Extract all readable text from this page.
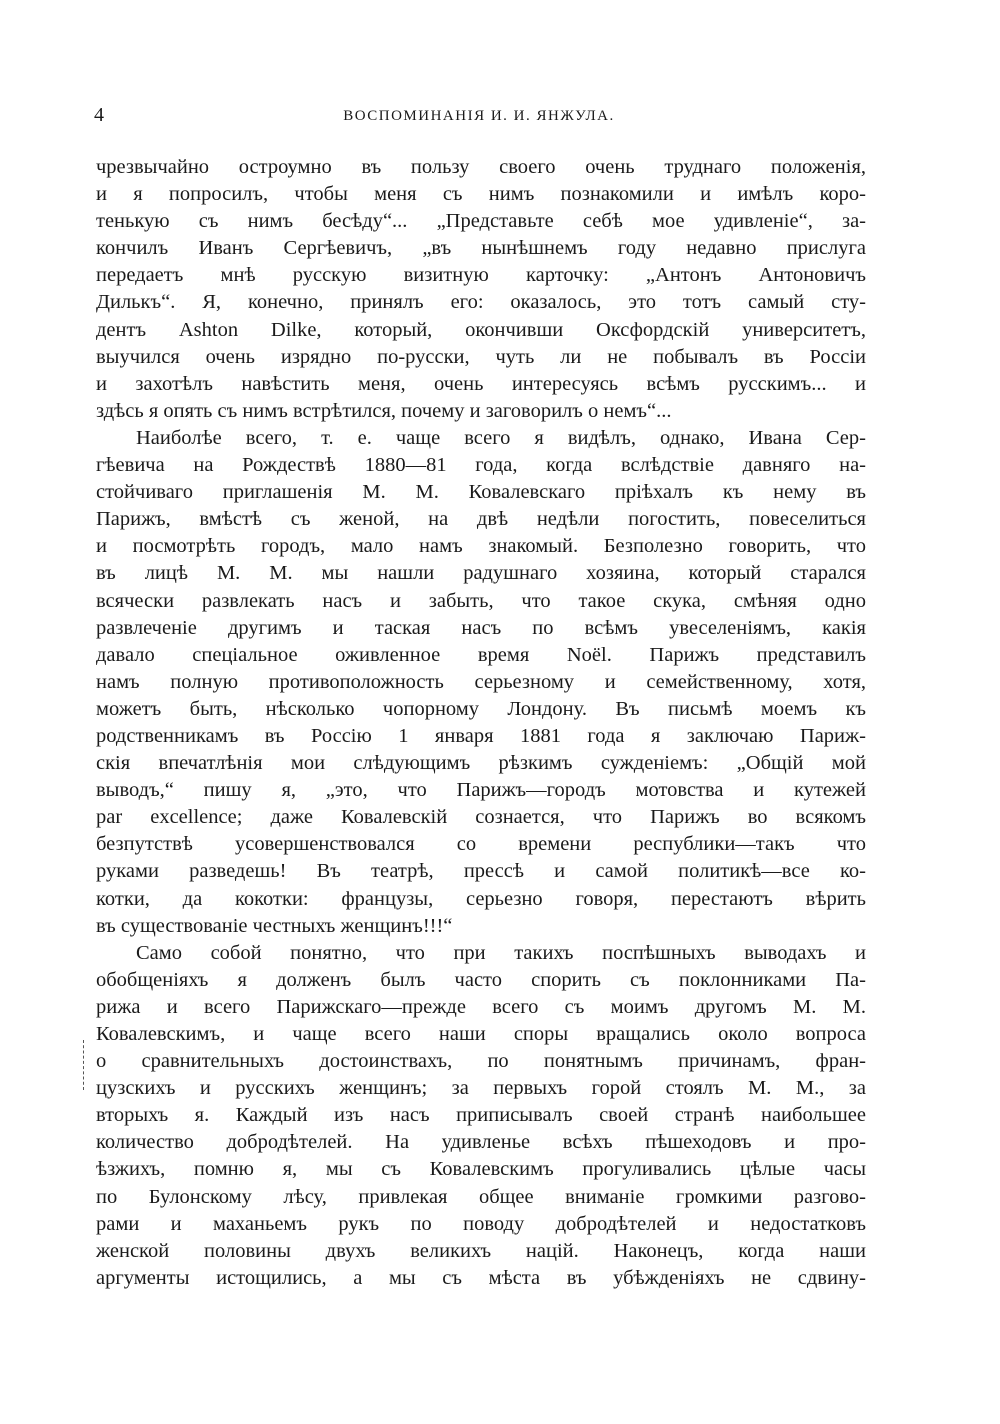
4	ВОСПОМИНАНІЯ И. И. ЯНЖУЛА.
чрезвычайно остроумно въ пользу своего очень труднаго положенія,
и я попросилъ, чтобы меня съ нимъ познакомили и имѣлъ коро-
тенькую съ нимъ бесѣду“... „Представьте себѣ мое удивленіе“, за-
кончилъ Иванъ Сергѣевичъ, „въ нынѣшнемъ году недавно прислуга
передаетъ мнѣ русскую визитную карточку: „Антонъ Антоновичъ
Дилькъ“. Я, конечно, принялъ его: оказалось, это тотъ самый сту-
дентъ Ashton Dilke, который, окончивши Оксфордскій университетъ,
выучился очень изрядно по-русски, чуть ли не побывалъ въ Россіи
и захотѣлъ навѣстить меня, очень интересуясь всѣмъ русскимъ... и
здѣсь я опять съ нимъ встрѣтился, почему и заговорилъ о немъ“...
Наиболѣе всего, т. е. чаще всего я видѣлъ, однако, Ивана Сер-
гѣевича на Рождествѣ 1880—81 года, когда вслѣдствіе давняго на-
стойчиваго приглашенія М. М. Ковалевскаго пріѣхалъ къ нему въ
Парижъ, вмѣстѣ съ женой, на двѣ недѣли погостить, повеселиться
и посмотрѣть городъ, мало намъ знакомый. Безполезно говорить, что
въ лицѣ М. М. мы нашли радушнаго хозяина, который старался
всячески развлекать насъ и забыть, что такое скука, смѣняя одно
развлеченіе другимъ и таская насъ по всѣмъ увеселеніямъ, какія
давало спеціальное оживленное время Noёl. Парижъ представилъ
намъ полную противоположность серьезному и семейственному, хотя,
можетъ быть, нѣсколько чопорному Лондону. Въ письмѣ моемъ къ
родственникамъ въ Россію 1 января 1881 года я заключаю Париж-
скія впечатлѣнія мои слѣдующимъ рѣзкимъ сужденіемъ: „Общій мой
выводъ,“ пишу я, „это, что Парижъ—городъ мотовства и кутежей
par excellence; даже Ковалевскій сознается, что Парижъ во всякомъ
безпутствѣ усовершенствовался со времени республики—такъ что
руками разведешь! Въ театрѣ, прессѣ и самой политикѣ—все ко-
котки, да кокотки: французы, серьезно говоря, перестаютъ вѣрить
въ существованіе честныхъ женщинъ!!!“
Само собой понятно, что при такихъ поспѣшныхъ выводахъ и
обобщеніяхъ я долженъ былъ часто спорить съ поклонниками Па-
рижа и всего Парижскаго—прежде всего съ моимъ другомъ М. М.
Ковалевскимъ, и чаще всего наши споры вращались около вопроса
о сравнительныхъ достоинствахъ, по понятнымъ причинамъ, фран-
цузскихъ и русскихъ женщинъ; за первыхъ горой стоялъ М. М., за
вторыхъ я. Каждый изъ насъ приписывалъ своей странѣ наибольшее
количество добродѣтелей. На удивленье всѣхъ пѣшеходовъ и про-
ѣзжихъ, помню я, мы съ Ковалевскимъ прогуливались цѣлые часы
по Булонскому лѣсу, привлекая общее вниманіе громкими разгово-
рами и маханьемъ рукъ по поводу добродѣтелей и недостатковъ
женской половины двухъ великихъ націй. Наконецъ, когда наши
аргументы истощились, а мы съ мѣста въ убѣжденіяхъ не сдвину-
